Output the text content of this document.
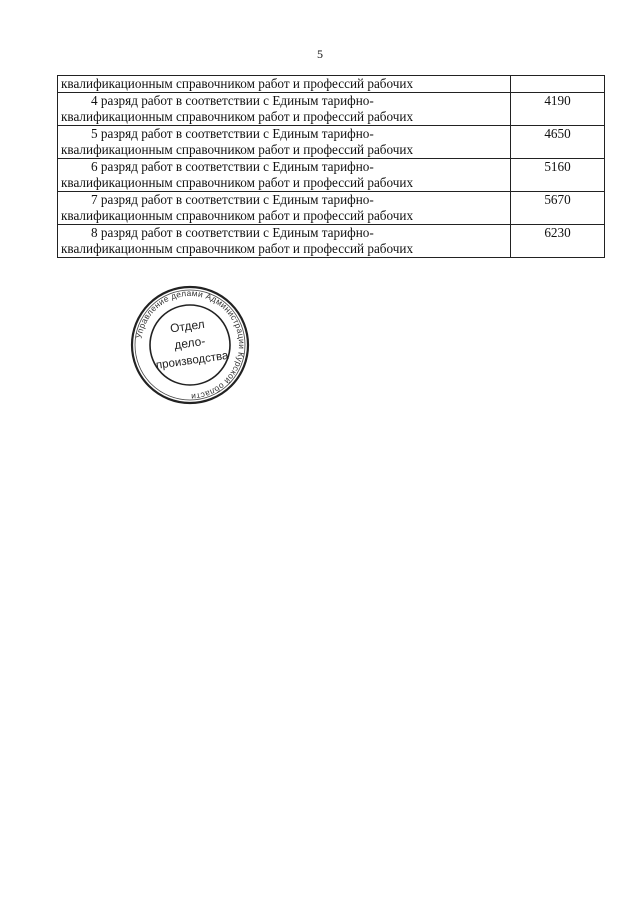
5
квалификационным справочником работ и профессий рабочих	

4 разряд работ в соответствии с Единым тарифно-
квалификационным справочником работ и профессий рабочих	4190

5 разряд работ в соответствии с Единым тарифно-
квалификационным справочником работ и профессий рабочих	4650

6 разряд работ в соответствии с Единым тарифно-
квалификационным справочником работ и профессий рабочих	5160

7 разряд работ в соответствии с Единым тарифно-
квалификационным справочником работ и профессий рабочих	5670

8 разряд работ в соответствии с Единым тарифно-
квалификационным справочником работ и профессий рабочих	6230
Управление делами Администрации Курской области
Отдел
дело-
производства
